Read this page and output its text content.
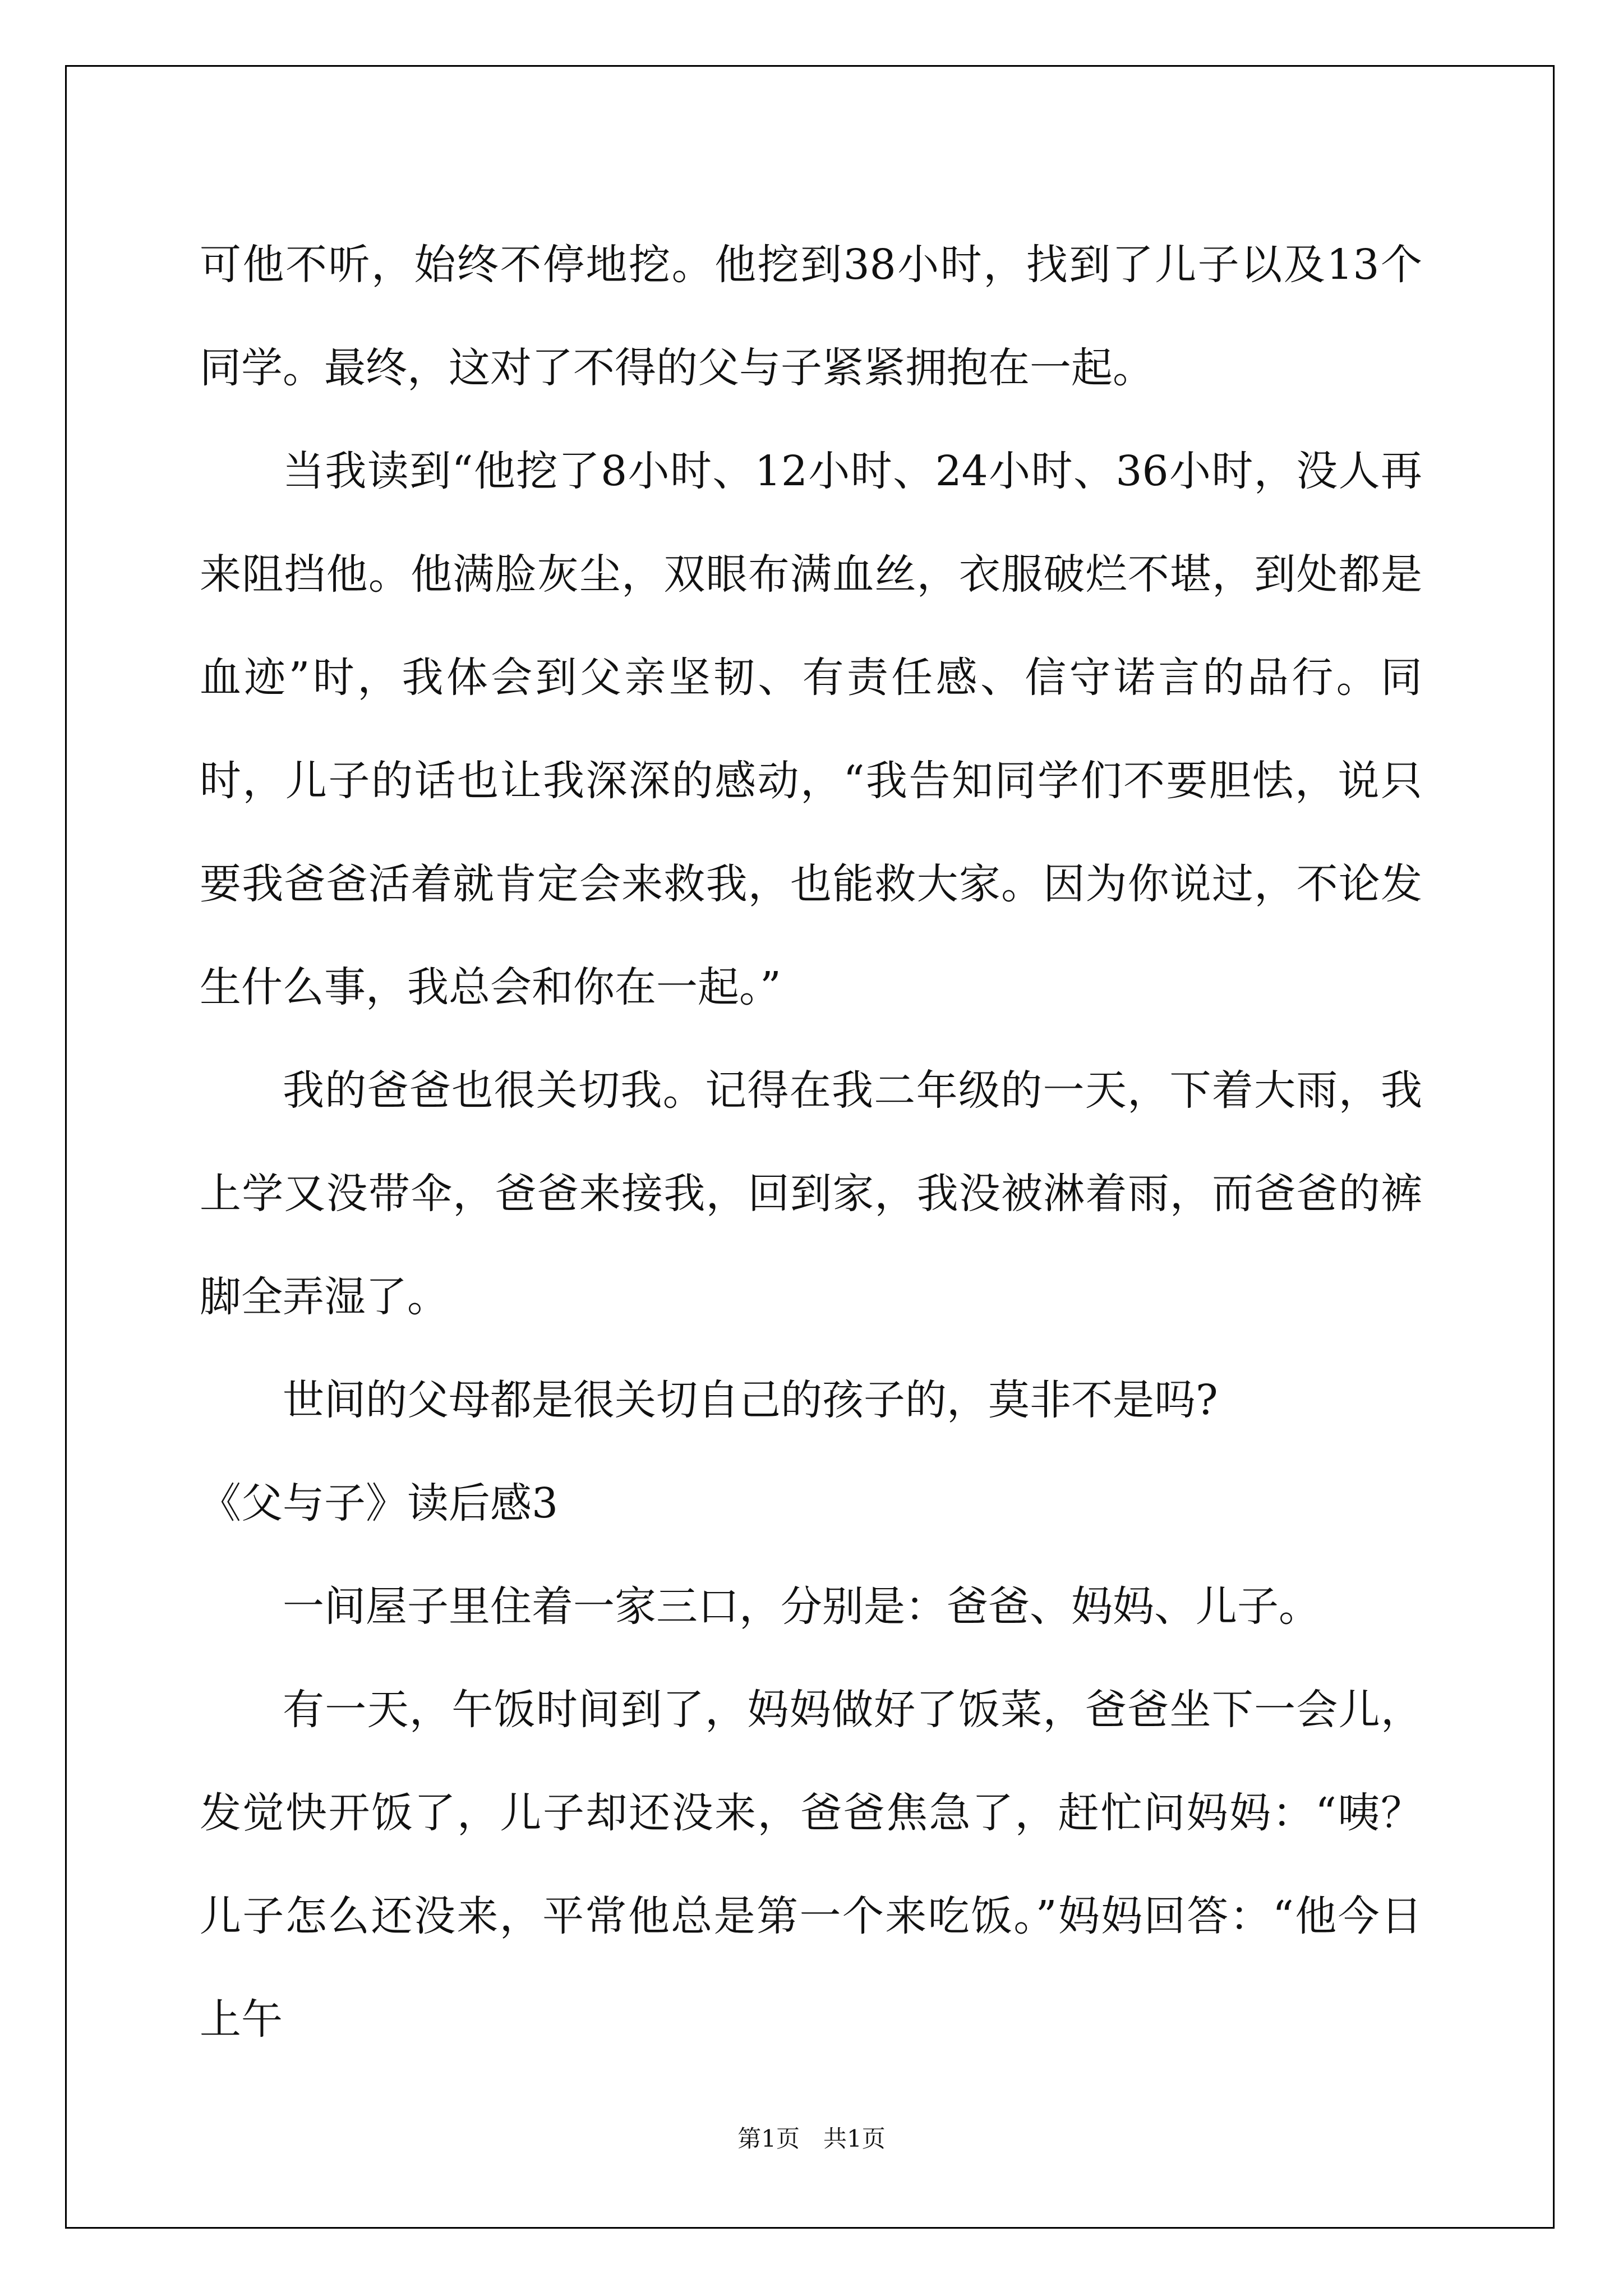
可他不听，始终不停地挖。他挖到38小时，找到了儿子以及13个同学。最终，这对了不得的父与子紧紧拥抱在一起。

当我读到“他挖了8小时、12小时、24小时、36小时，没人再来阻挡他。他满脸灰尘，双眼布满血丝，衣服破烂不堪，到处都是血迹”时，我体会到父亲坚韧、有责任感、信守诺言的品行。同时，儿子的话也让我深深的感动，“我告知同学们不要胆怯，说只要我爸爸活着就肯定会来救我，也能救大家。因为你说过，不论发生什么事，我总会和你在一起。”

我的爸爸也很关切我。记得在我二年级的一天，下着大雨，我上学又没带伞，爸爸来接我，回到家，我没被淋着雨，而爸爸的裤脚全弄湿了。

世间的父母都是很关切自己的孩子的，莫非不是吗?

《父与子》读后感3

一间屋子里住着一家三口，分别是：爸爸、妈妈、儿子。

有一天，午饭时间到了，妈妈做好了饭菜，爸爸坐下一会儿，发觉快开饭了，儿子却还没来，爸爸焦急了，赶忙问妈妈：“咦？儿子怎么还没来，平常他总是第一个来吃饭。”妈妈回答：“他今日上午

第1页　共1页
